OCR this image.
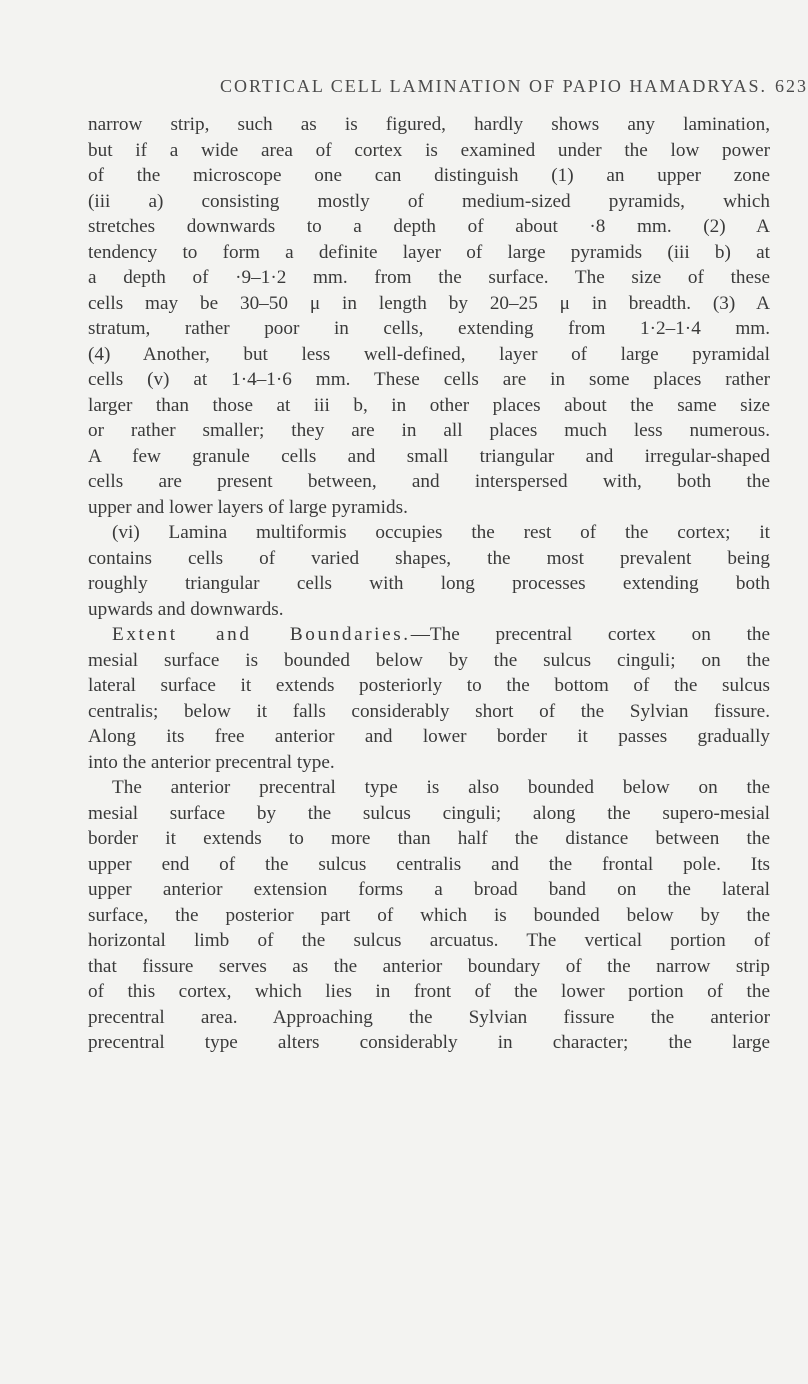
CORTICAL CELL LAMINATION OF PAPIO HAMADRYAS. 623
narrow strip, such as is figured, hardly shows any lamination,
but if a wide area of cortex is examined under the low power
of the microscope one can distinguish (1) an upper zone
(iii a) consisting mostly of medium-sized pyramids, which
stretches downwards to a depth of about ·8 mm. (2) A
tendency to form a definite layer of large pyramids (iii b) at
a depth of ·9–1·2 mm. from the surface. The size of these
cells may be 30–50 μ in length by 20–25 μ in breadth. (3) A
stratum, rather poor in cells, extending from 1·2–1·4 mm.
(4) Another, but less well-defined, layer of large pyramidal
cells (v) at 1·4–1·6 mm. These cells are in some places rather
larger than those at iii b, in other places about the same size
or rather smaller; they are in all places much less numerous.
A few granule cells and small triangular and irregular-shaped
cells are present between, and interspersed with, both the
upper and lower layers of large pyramids.
(vi) Lamina multiformis occupies the rest of the cortex; it
contains cells of varied shapes, the most prevalent being
roughly triangular cells with long processes extending both
upwards and downwards.
Extent and Boundaries.—The precentral cortex on the
mesial surface is bounded below by the sulcus cinguli; on the
lateral surface it extends posteriorly to the bottom of the sulcus
centralis; below it falls considerably short of the Sylvian fissure.
Along its free anterior and lower border it passes gradually
into the anterior precentral type.
The anterior precentral type is also bounded below on the
mesial surface by the sulcus cinguli; along the supero-mesial
border it extends to more than half the distance between the
upper end of the sulcus centralis and the frontal pole. Its
upper anterior extension forms a broad band on the lateral
surface, the posterior part of which is bounded below by the
horizontal limb of the sulcus arcuatus. The vertical portion of
that fissure serves as the anterior boundary of the narrow strip
of this cortex, which lies in front of the lower portion of the
precentral area. Approaching the Sylvian fissure the anterior
precentral type alters considerably in character; the large
